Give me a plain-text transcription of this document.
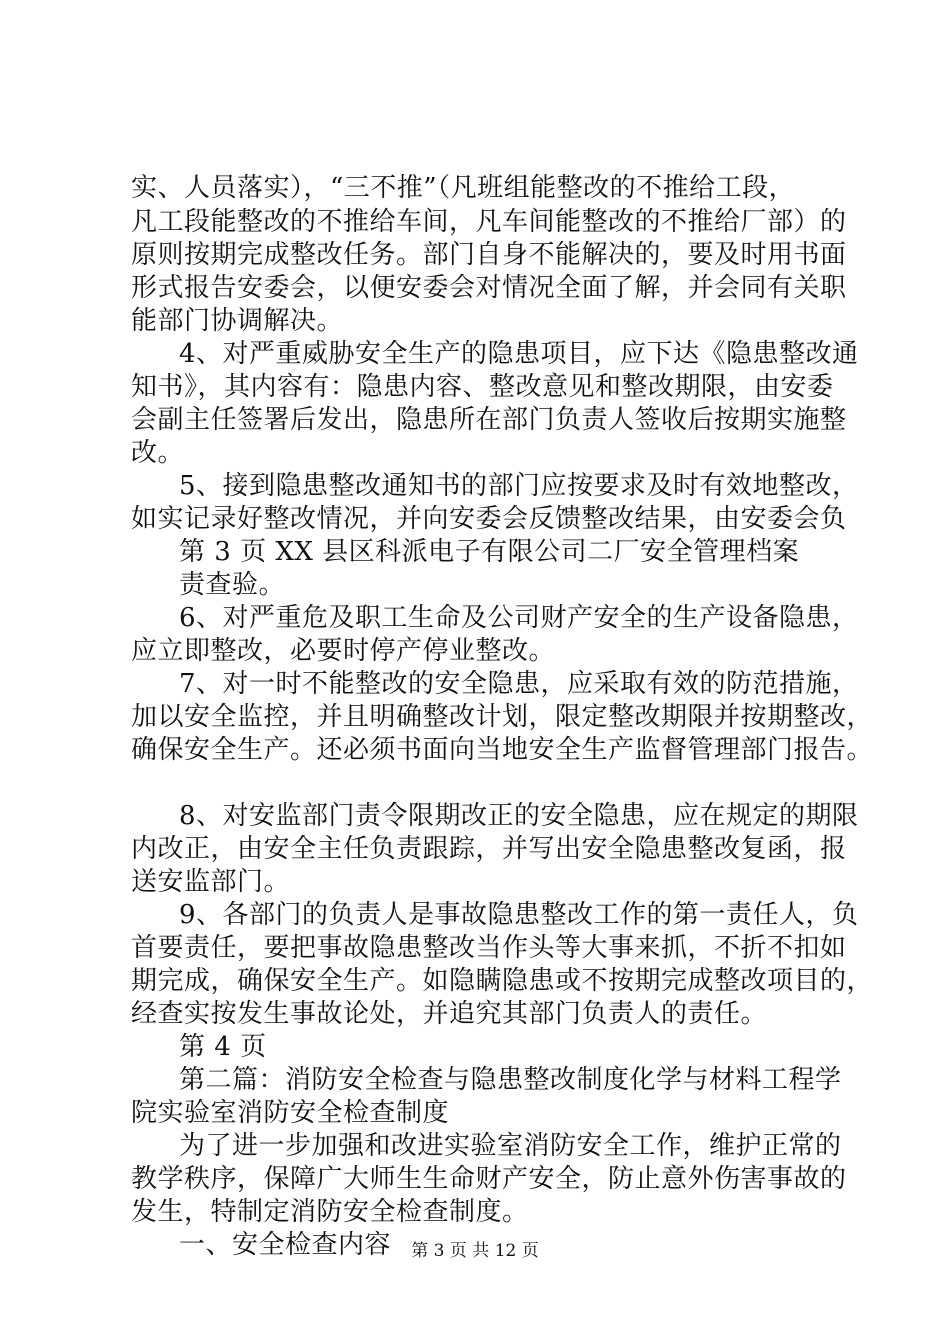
实、人员落实），“三不推”（凡班组能整改的不推给工段，
凡工段能整改的不推给车间，凡车间能整改的不推给厂部）的
原则按期完成整改任务。部门自身不能解决的，要及时用书面
形式报告安委会，以便安委会对情况全面了解，并会同有关职
能部门协调解决。
4、对严重威胁安全生产的隐患项目，应下达《隐患整改通
知书》，其内容有：隐患内容、整改意见和整改期限，由安委
会副主任签署后发出，隐患所在部门负责人签收后按期实施整
改。
5、接到隐患整改通知书的部门应按要求及时有效地整改，
如实记录好整改情况，并向安委会反馈整改结果，由安委会负
第 3 页 XX 县区科派电子有限公司二厂安全管理档案
责查验。
6、对严重危及职工生命及公司财产安全的生产设备隐患，
应立即整改，必要时停产停业整改。
7、对一时不能整改的安全隐患，应采取有效的防范措施，
加以安全监控，并且明确整改计划，限定整改期限并按期整改，
确保安全生产。还必须书面向当地安全生产监督管理部门报告。
8、对安监部门责令限期改正的安全隐患，应在规定的期限
内改正，由安全主任负责跟踪，并写出安全隐患整改复函，报
送安监部门。
9、各部门的负责人是事故隐患整改工作的第一责任人，负
首要责任，要把事故隐患整改当作头等大事来抓，不折不扣如
期完成，确保安全生产。如隐瞒隐患或不按期完成整改项目的，
经查实按发生事故论处，并追究其部门负责人的责任。
第 4 页
第二篇：消防安全检查与隐患整改制度化学与材料工程学
院实验室消防安全检查制度
为了进一步加强和改进实验室消防安全工作，维护正常的
教学秩序，保障广大师生生命财产安全，防止意外伤害事故的
发生，特制定消防安全检查制度。
一、安全检查内容	第 3 页 共 12 页
